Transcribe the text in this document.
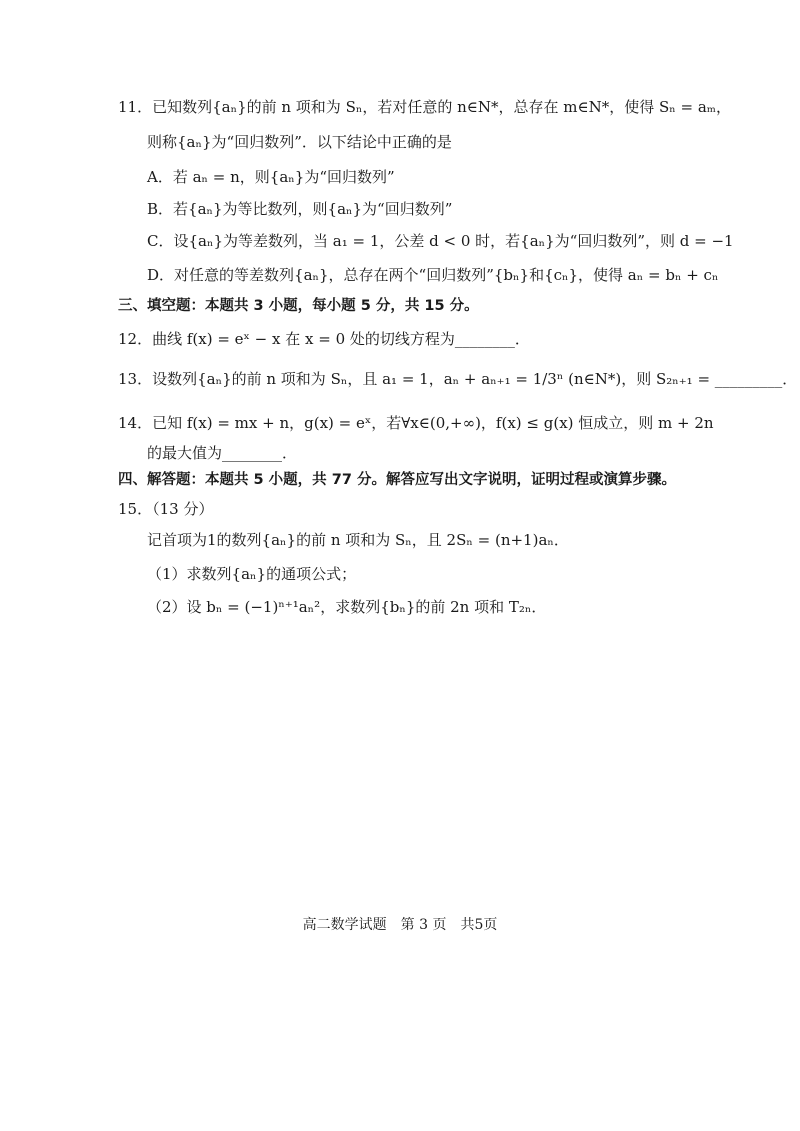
11．已知数列{aₙ}的前 n 项和为 Sₙ，若对任意的 n∈N*，总存在 m∈N*，使得 Sₙ = aₘ，
则称{aₙ}为“回归数列”．以下结论中正确的是
A．若 aₙ = n，则{aₙ}为“回归数列”
B．若{aₙ}为等比数列，则{aₙ}为“回归数列”
C．设{aₙ}为等差数列，当 a₁ = 1，公差 d < 0 时，若{aₙ}为“回归数列”，则 d = −1
D．对任意的等差数列{aₙ}，总存在两个“回归数列”{bₙ}和{cₙ}，使得 aₙ = bₙ + cₙ
三、填空题：本题共 3 小题，每小题 5 分，共 15 分。
12．曲线 f(x) = eˣ − x 在 x = 0 处的切线方程为________．
13．设数列{aₙ}的前 n 项和为 Sₙ，且 a₁ = 1，aₙ + aₙ₊₁ = 1/3ⁿ (n∈N*)，则 S₂ₙ₊₁ = _________．
14．已知 f(x) = mx + n，g(x) = eˣ，若∀x∈(0,+∞)，f(x) ≤ g(x) 恒成立，则 m + 2n
的最大值为________．
四、解答题：本题共 5 小题，共 77 分。解答应写出文字说明，证明过程或演算步骤。
15．（13 分）
记首项为1的数列{aₙ}的前 n 项和为 Sₙ，且 2Sₙ = (n+1)aₙ．
（1）求数列{aₙ}的通项公式；
（2）设 bₙ = (−1)ⁿ⁺¹aₙ²，求数列{bₙ}的前 2n 项和 T₂ₙ．
高二数学试题　第 3 页　共5页
